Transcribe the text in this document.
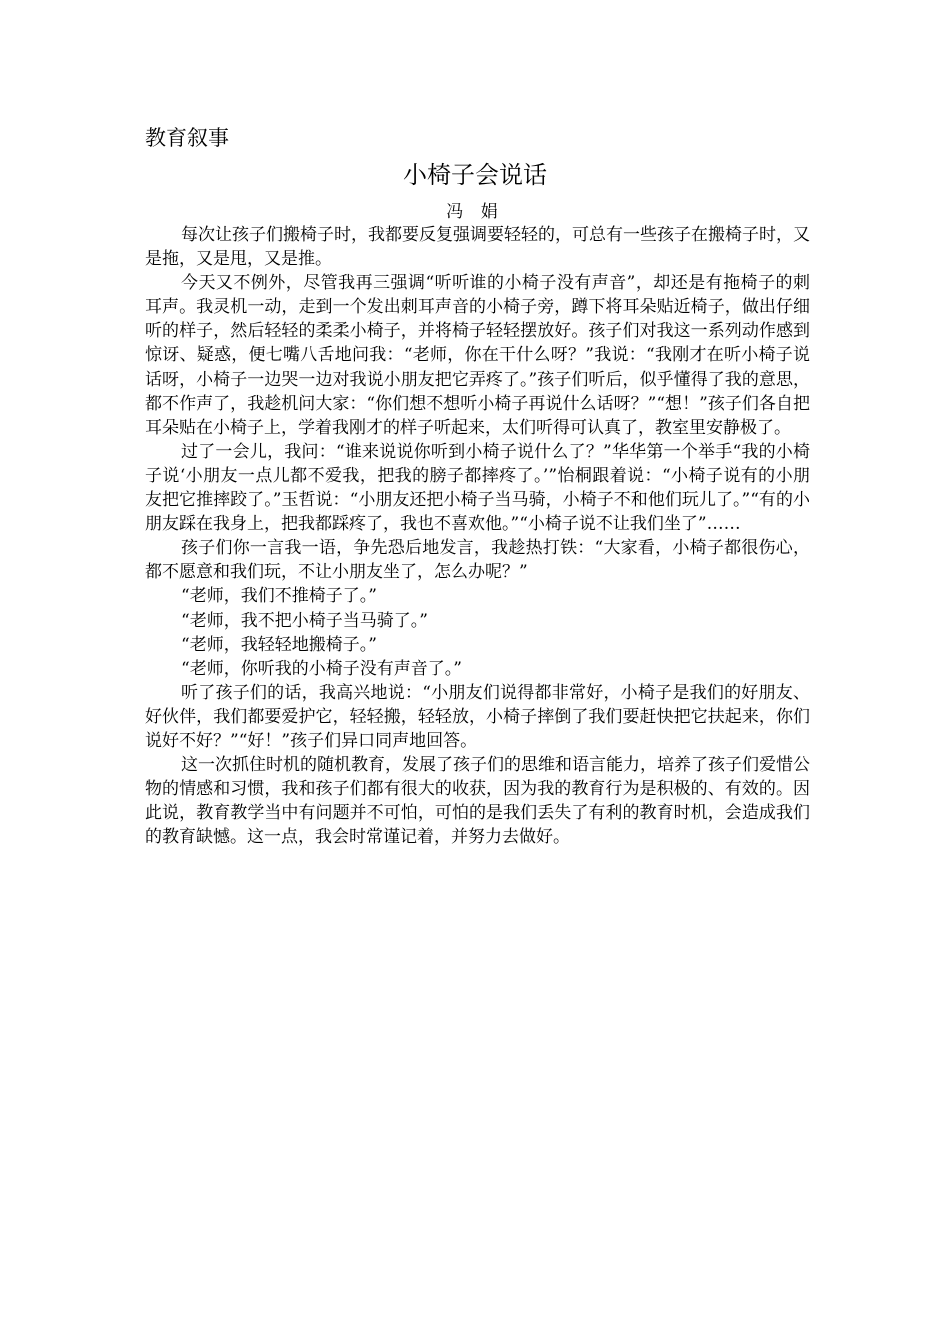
教育叙事
小椅子会说话
冯 娟

每次让孩子们搬椅子时，我都要反复强调要轻轻的，可总有一些孩子在搬椅子时，又是拖，又是甩，又是推。

今天又不例外，尽管我再三强调“听听谁的小椅子没有声音”，却还是有拖椅子的刺耳声。我灵机一动，走到一个发出刺耳声音的小椅子旁，蹲下将耳朵贴近椅子，做出仔细听的样子，然后轻轻的柔柔小椅子，并将椅子轻轻摆放好。孩子们对我这一系列动作感到惊讶、疑惑，便七嘴八舌地问我：“老师，你在干什么呀？”我说：“我刚才在听小椅子说话呀，小椅子一边哭一边对我说小朋友把它弄疼了。”孩子们听后，似乎懂得了我的意思，都不作声了，我趁机问大家：“你们想不想听小椅子再说什么话呀？”“想！”孩子们各自把耳朵贴在小椅子上，学着我刚才的样子听起来，太们听得可认真了，教室里安静极了。

过了一会儿，我问：“谁来说说你听到小椅子说什么了？”华华第一个举手“我的小椅子说‘小朋友一点儿都不爱我，把我的膀子都摔疼了。’”怡桐跟着说：“小椅子说有的小朋友把它推摔跤了。”玉哲说：“小朋友还把小椅子当马骑，小椅子不和他们玩儿了。”“有的小朋友踩在我身上，把我都踩疼了，我也不喜欢他。”“小椅子说不让我们坐了”……

孩子们你一言我一语，争先恐后地发言，我趁热打铁：“大家看，小椅子都很伤心，都不愿意和我们玩，不让小朋友坐了，怎么办呢？”

“老师，我们不推椅子了。”

“老师，我不把小椅子当马骑了。”

“老师，我轻轻地搬椅子。”

“老师，你听我的小椅子没有声音了。”

听了孩子们的话，我高兴地说：“小朋友们说得都非常好，小椅子是我们的好朋友、好伙伴，我们都要爱护它，轻轻搬，轻轻放，小椅子摔倒了我们要赶快把它扶起来，你们说好不好？”“好！”孩子们异口同声地回答。

这一次抓住时机的随机教育，发展了孩子们的思维和语言能力，培养了孩子们爱惜公物的情感和习惯，我和孩子们都有很大的收获，因为我的教育行为是积极的、有效的。因此说，教育教学当中有问题并不可怕，可怕的是我们丢失了有利的教育时机，会造成我们的教育缺憾。这一点，我会时常谨记着，并努力去做好。
